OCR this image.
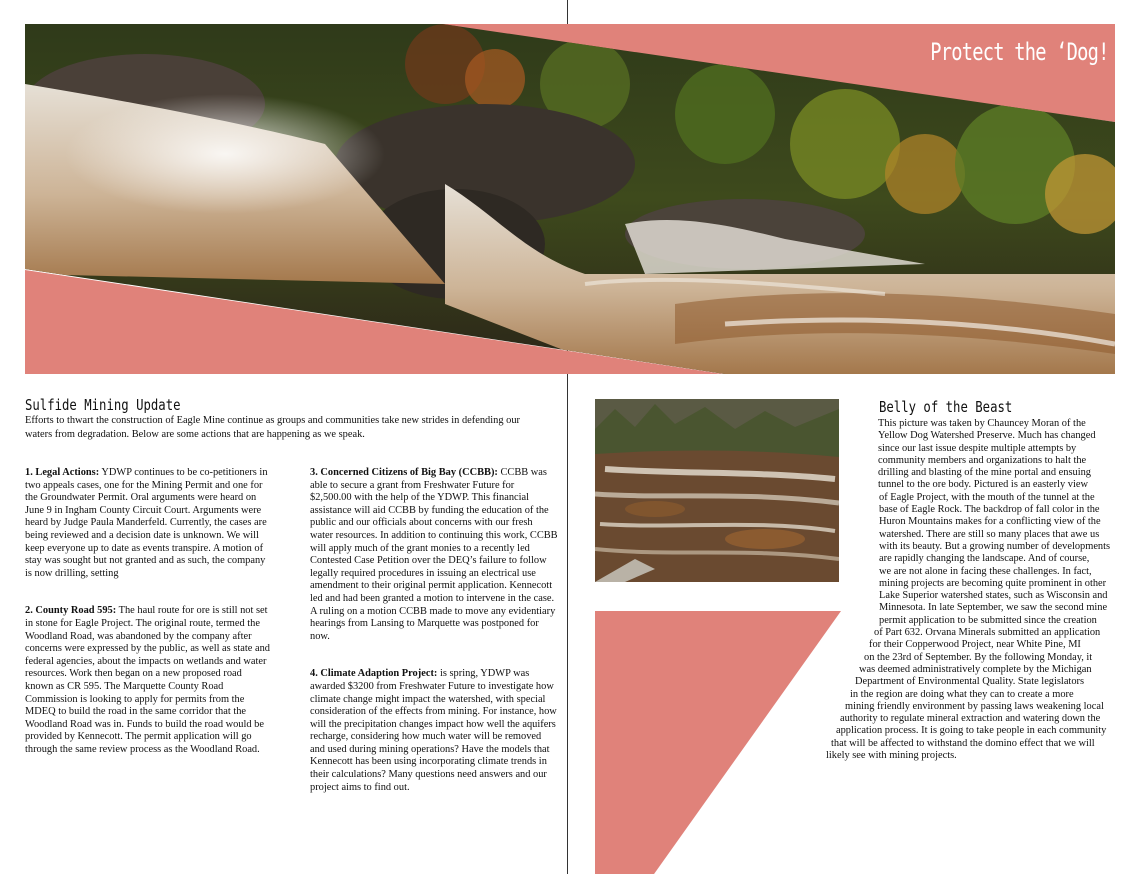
Protect the ‘Dog!
Sulfide Mining Update
Efforts to thwart the construction of Eagle Mine continue as groups and communities take new strides in defending our waters from degradation. Below are some actions that are happening as we speak.

1. Legal Actions: YDWP continues to be co-petitioners in two appeals cases, one for the Mining Permit and one for the Groundwater Permit. Oral arguments were heard on June 9 in Ingham County Circuit Court. Arguments were heard by Judge Paula Manderfeld. Currently, the cases are being reviewed and a decision date is unknown. We will keep everyone up to date as events transpire. A motion of stay was sought but not granted and as such, the company is now drilling, setting

2. County Road 595: The haul route for ore is still not set in stone for Eagle Project. The original route, termed the Woodland Road, was abandoned by the company after concerns were expressed by the public, as well as state and federal agencies, about the impacts on wetlands and water resources. Work then began on a new proposed road known as CR 595. The Marquette County Road Commission is looking to apply for permits from the MDEQ to build the road in the same corridor that the Woodland Road was in. Funds to build the road would be provided by Kennecott. The permit application will go through the same review process as the Woodland Road.

3. Concerned Citizens of Big Bay (CCBB): CCBB was able to secure a grant from Freshwater Future for $2,500.00 with the help of the YDWP. This financial assistance will aid CCBB by funding the education of the public and our officials about concerns with our fresh water resources. In addition to continuing this work, CCBB will apply much of the grant monies to a recently led Contested Case Petition over the DEQ’s failure to follow legally required procedures in issuing an electrical use amendment to their original permit application. Kennecott led and had been granted a motion to intervene in the case. A ruling on a motion CCBB made to move any evidentiary hearings from Lansing to Marquette was postponed for now.

4. Climate Adaption Project: is spring, YDWP was awarded $3200 from Freshwater Future to investigate how climate change might impact the watershed, with special consideration of the effects from mining. For instance, how will the precipitation changes impact how well the aquifers recharge, considering how much water will be removed and used during mining operations? Have the models that Kennecott has been using incorporating climate trends in their calculations? Many questions need answers and our project aims to find out.

Belly of the Beast
This picture was taken by Chauncey Moran of the
Yellow Dog Watershed Preserve. Much has changed
since our last issue despite multiple attempts by
community members and organizations to halt the
drilling and blasting of the mine portal and ensuing
tunnel to the ore body. Pictured is an easterly view
of Eagle Project, with the mouth of the tunnel at the
base of Eagle Rock. The backdrop of fall color in the
Huron Mountains makes for a conflicting view of the
watershed. There are still so many places that awe us
with its beauty. But a growing number of developments
are rapidly changing the landscape. And of course,
we are not alone in facing these challenges. In fact,
mining projects are becoming quite prominent in other
Lake Superior watershed states, such as Wisconsin and
Minnesota. In late September, we saw the second mine
permit application to be submitted since the creation
of Part 632. Orvana Minerals submitted an application
for their Copperwood Project, near White Pine, MI
on the 23rd of September. By the following Monday, it
was deemed administratively complete by the Michigan
Department of Environmental Quality. State legislators
in the region are doing what they can to create a more
mining friendly environment by passing laws weakening local
authority to regulate mineral extraction and watering down the
application process. It is going to take people in each community
that will be affected to withstand the domino effect that we will
likely see with mining projects.
